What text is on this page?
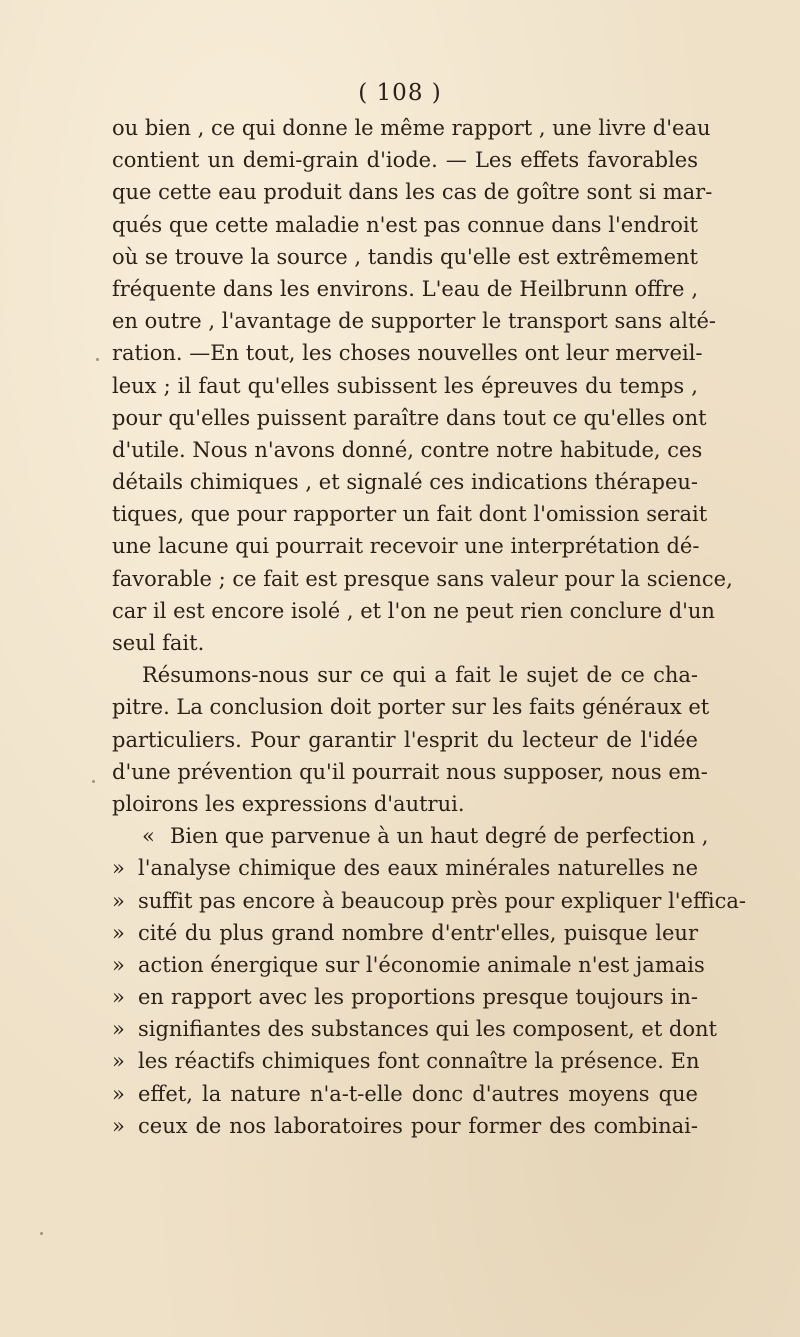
( 108 )
ou bien , ce qui donne le même rapport , une livre d'eau
contient un demi-grain d'iode. — Les effets favorables
que cette eau produit dans les cas de goître sont si mar-
qués que cette maladie n'est pas connue dans l'endroit
où se trouve la source , tandis qu'elle est extrêmement
fréquente dans les environs. L'eau de Heilbrunn offre ,
en outre , l'avantage de supporter le transport sans alté-
ration. —En tout, les choses nouvelles ont leur merveil-
leux ; il faut qu'elles subissent les épreuves du temps ,
pour qu'elles puissent paraître dans tout ce qu'elles ont
d'utile. Nous n'avons donné, contre notre habitude, ces
détails chimiques , et signalé ces indications thérapeu-
tiques, que pour rapporter un fait dont l'omission serait
une lacune qui pourrait recevoir une interprétation dé-
favorable ; ce fait est presque sans valeur pour la science,
car il est encore isolé , et l'on ne peut rien conclure d'un
seul fait.
Résumons-nous sur ce qui a fait le sujet de ce cha-
pitre. La conclusion doit porter sur les faits généraux et
particuliers. Pour garantir l'esprit du lecteur de l'idée
d'une prévention qu'il pourrait nous supposer, nous em-
ploirons les expressions d'autrui.
« Bien que parvenue à un haut degré de perfection ,
» l'analyse chimique des eaux minérales naturelles ne
» suffit pas encore à beaucoup près pour expliquer l'effica-
» cité du plus grand nombre d'entr'elles, puisque leur
» action énergique sur l'économie animale n'est jamais
» en rapport avec les proportions presque toujours in-
» signifiantes des substances qui les composent, et dont
» les réactifs chimiques font connaître la présence. En
» effet, la nature n'a-t-elle donc d'autres moyens que
» ceux de nos laboratoires pour former des combinai-
